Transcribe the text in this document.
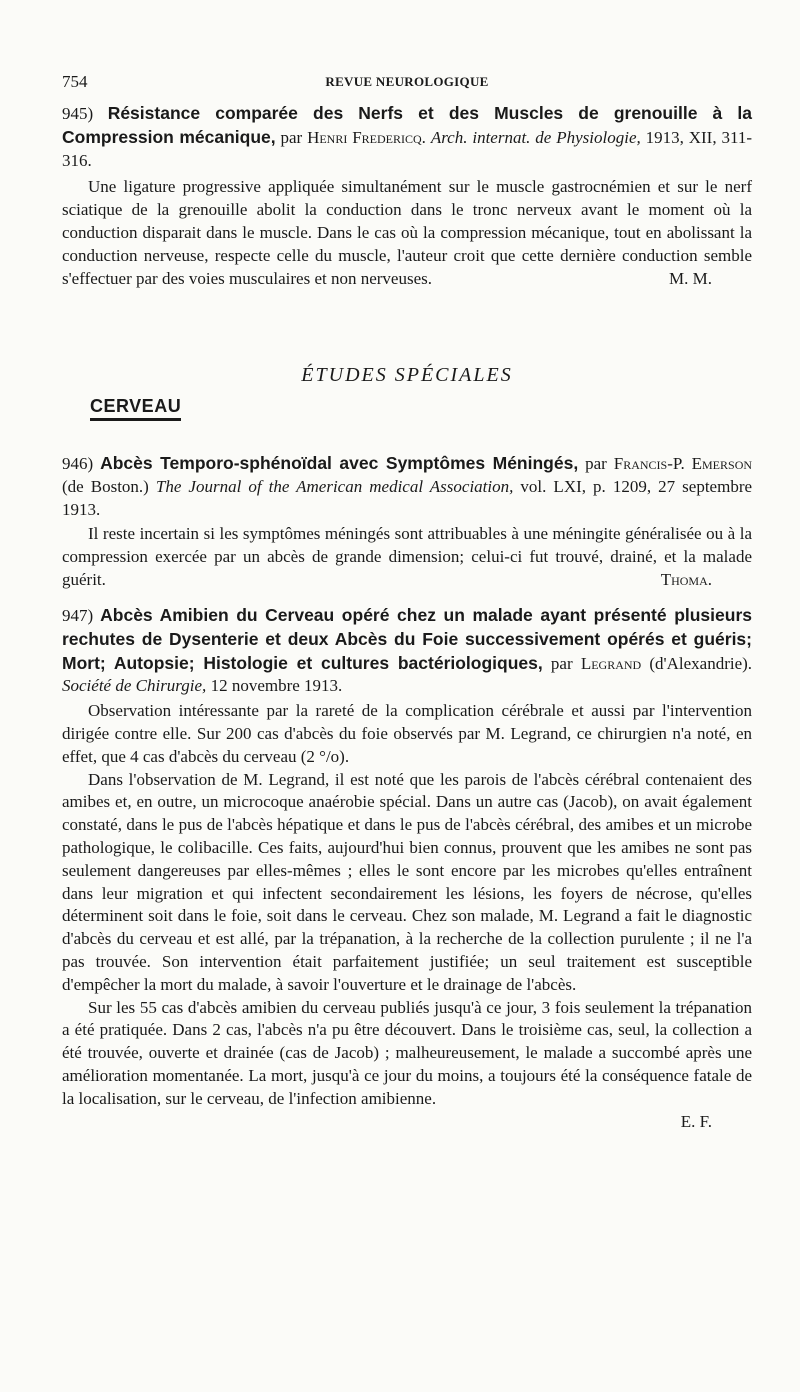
754	REVUE NEUROLOGIQUE

945) Résistance comparée des Nerfs et des Muscles de grenouille à la Compression mécanique, par Henri Fredericq. Arch. internat. de Physiologie, 1913, XII, 311-316.

Une ligature progressive appliquée simultanément sur le muscle gastrocnémien et sur le nerf sciatique de la grenouille abolit la conduction dans le tronc nerveux avant le moment où la conduction disparait dans le muscle. Dans le cas où la compression mécanique, tout en abolissant la conduction nerveuse, respecte celle du muscle, l'auteur croit que cette dernière conduction semble s'effectuer par des voies musculaires et non nerveuses.	M. M.

ÉTUDES SPÉCIALES
CERVEAU

946) Abcès Temporo-sphénoïdal avec Symptômes Méningés, par Francis-P. Emerson (de Boston.) The Journal of the American medical Association, vol. LXI, p. 1209, 27 septembre 1913.

Il reste incertain si les symptômes méningés sont attribuables à une méningite généralisée ou à la compression exercée par un abcès de grande dimension; celui-ci fut trouvé, drainé, et la malade guérit.	Thoma.

947) Abcès Amibien du Cerveau opéré chez un malade ayant présenté plusieurs rechutes de Dysenterie et deux Abcès du Foie successivement opérés et guéris; Mort; Autopsie; Histologie et cultures bactériologiques, par Legrand (d'Alexandrie). Société de Chirurgie, 12 novembre 1913.

Observation intéressante par la rareté de la complication cérébrale et aussi par l'intervention dirigée contre elle. Sur 200 cas d'abcès du foie observés par M. Legrand, ce chirurgien n'a noté, en effet, que 4 cas d'abcès du cerveau (2 °/o).

Dans l'observation de M. Legrand, il est noté que les parois de l'abcès cérébral contenaient des amibes et, en outre, un microcoque anaérobie spécial. Dans un autre cas (Jacob), on avait également constaté, dans le pus de l'abcès hépatique et dans le pus de l'abcès cérébral, des amibes et un microbe pathologique, le colibacille. Ces faits, aujourd'hui bien connus, prouvent que les amibes ne sont pas seulement dangereuses par elles-mêmes ; elles le sont encore par les microbes qu'elles entraînent dans leur migration et qui infectent secondairement les lésions, les foyers de nécrose, qu'elles déterminent soit dans le foie, soit dans le cerveau. Chez son malade, M. Legrand a fait le diagnostic d'abcès du cerveau et est allé, par la trépanation, à la recherche de la collection purulente ; il ne l'a pas trouvée. Son intervention était parfaitement justifiée; un seul traitement est susceptible d'empêcher la mort du malade, à savoir l'ouverture et le drainage de l'abcès.

Sur les 55 cas d'abcès amibien du cerveau publiés jusqu'à ce jour, 3 fois seulement la trépanation a été pratiquée. Dans 2 cas, l'abcès n'a pu être découvert. Dans le troisième cas, seul, la collection a été trouvée, ouverte et drainée (cas de Jacob) ; malheureusement, le malade a succombé après une amélioration momentanée. La mort, jusqu'à ce jour du moins, a toujours été la conséquence fatale de la localisation, sur le cerveau, de l'infection amibienne.

E. F.
